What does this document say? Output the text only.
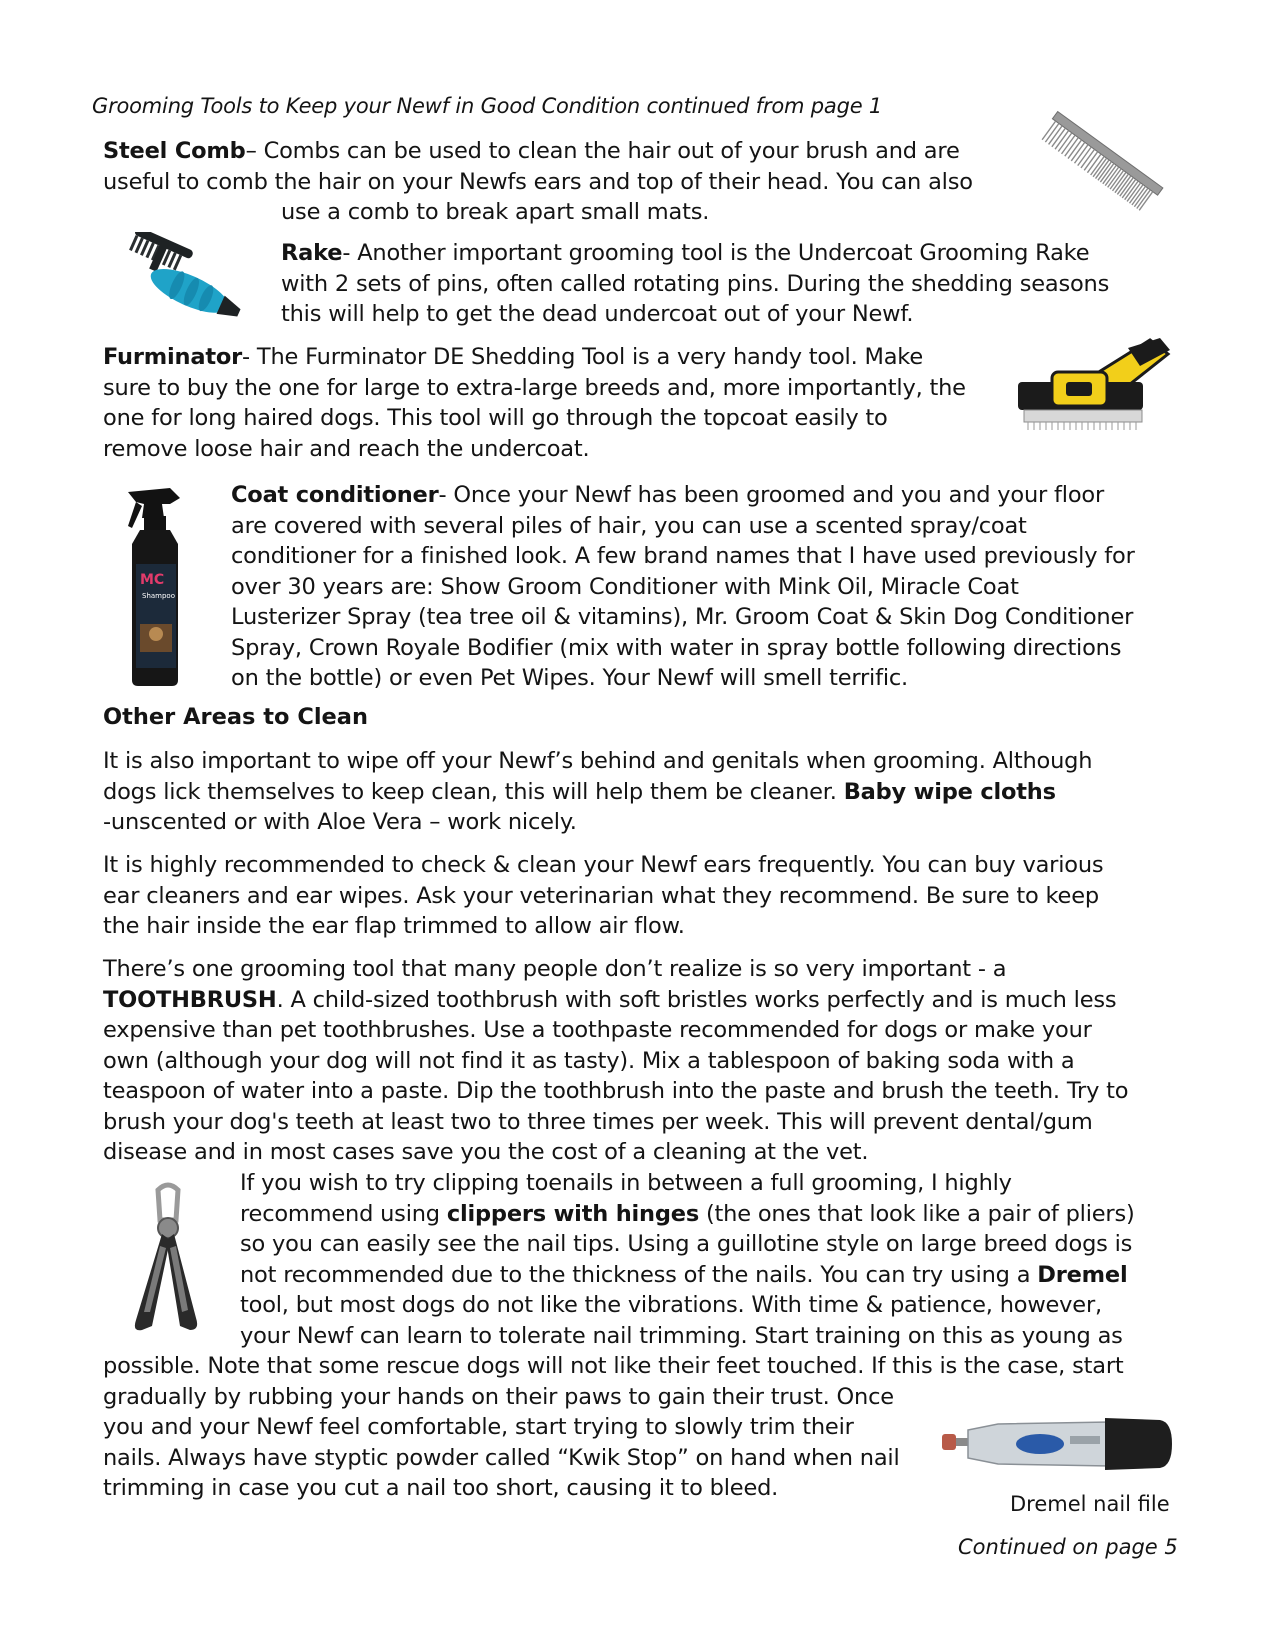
Grooming Tools to Keep your Newf in Good Condition continued from page 1
Steel Comb– Combs can be used to clean the hair out of your brush and are
useful to comb the hair on your Newfs ears and top of their head. You can also
use a comb to break apart small mats.
Rake- Another important grooming tool is the Undercoat Grooming Rake
with 2 sets of pins, often called rotating pins. During the shedding seasons
this will help to get the dead undercoat out of your Newf.
Furminator- The Furminator DE Shedding Tool is a very handy tool. Make
sure to buy the one for large to extra-large breeds and, more importantly, the
one for long haired dogs. This tool will go through the topcoat easily to
remove loose hair and reach the undercoat.
MC
Shampoo
Coat conditioner- Once your Newf has been groomed and you and your floor
are covered with several piles of hair, you can use a scented spray/coat
conditioner for a finished look. A few brand names that I have used previously for
over 30 years are: Show Groom Conditioner with Mink Oil, Miracle Coat
Lusterizer Spray (tea tree oil & vitamins), Mr. Groom Coat & Skin Dog Conditioner
Spray, Crown Royale Bodifier (mix with water in spray bottle following directions
on the bottle) or even Pet Wipes. Your Newf will smell terrific.
Other Areas to Clean
It is also important to wipe off your Newf’s behind and genitals when grooming. Although
dogs lick themselves to keep clean, this will help them be cleaner. Baby wipe cloths
-unscented or with Aloe Vera – work nicely.
It is highly recommended to check & clean your Newf ears frequently. You can buy various
ear cleaners and ear wipes. Ask your veterinarian what they recommend. Be sure to keep
the hair inside the ear flap trimmed to allow air flow.
There’s one grooming tool that many people don’t realize is so very important - a
TOOTHBRUSH. A child-sized toothbrush with soft bristles works perfectly and is much less
expensive than pet toothbrushes. Use a toothpaste recommended for dogs or make your
own (although your dog will not find it as tasty). Mix a tablespoon of baking soda with a
teaspoon of water into a paste. Dip the toothbrush into the paste and brush the teeth. Try to
brush your dog's teeth at least two to three times per week. This will prevent dental/gum
disease and in most cases save you the cost of a cleaning at the vet.
If you wish to try clipping toenails in between a full grooming, I highly
recommend using clippers with hinges (the ones that look like a pair of pliers)
so you can easily see the nail tips. Using a guillotine style on large breed dogs is
not recommended due to the thickness of the nails. You can try using a Dremel
tool, but most dogs do not like the vibrations. With time & patience, however,
your Newf can learn to tolerate nail trimming. Start training on this as young as
possible. Note that some rescue dogs will not like their feet touched. If this is the case, start
gradually by rubbing your hands on their paws to gain their trust. Once
you and your Newf feel comfortable, start trying to slowly trim their
nails. Always have styptic powder called “Kwik Stop” on hand when nail
trimming in case you cut a nail too short, causing it to bleed.
Dremel nail file
Continued on page 5
